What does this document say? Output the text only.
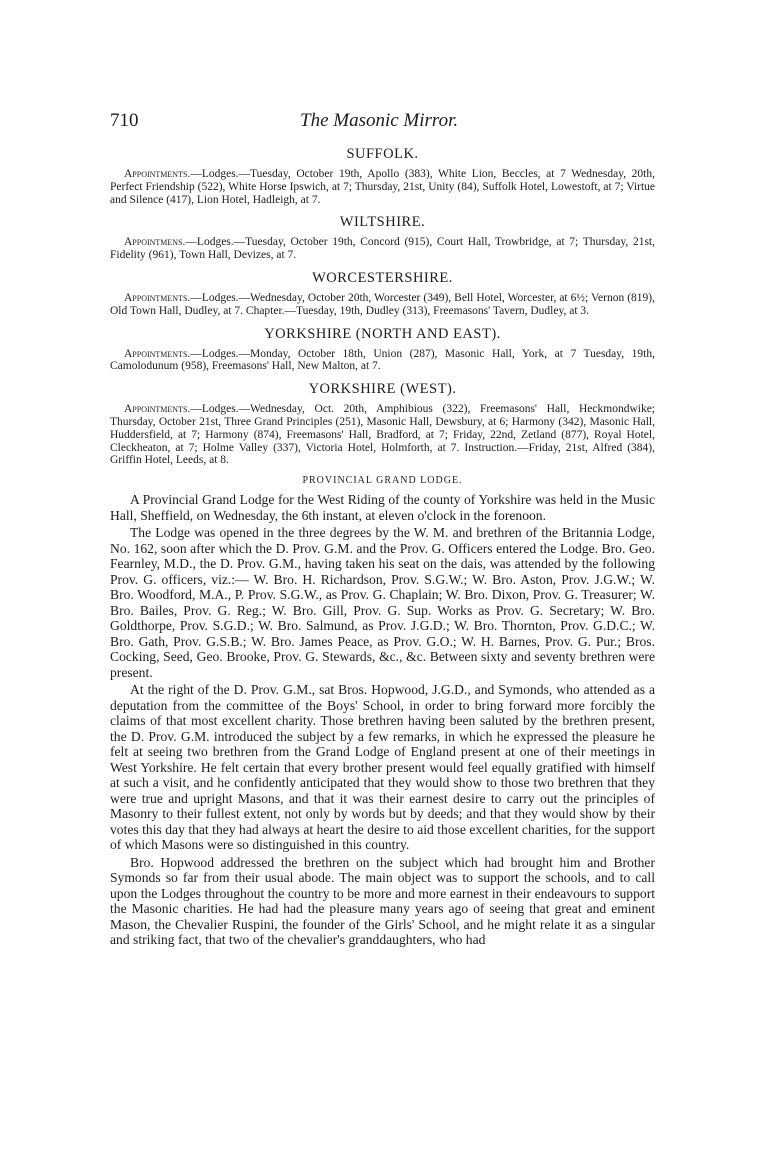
710	The Masonic Mirror.
SUFFOLK.

Appointments.—Lodges.—Tuesday, October 19th, Apollo (383), White Lion, Beccles, at 7 Wednesday, 20th, Perfect Friendship (522), White Horse Ipswich, at 7; Thursday, 21st, Unity (84), Suffolk Hotel, Lowestoft, at 7; Virtue and Silence (417), Lion Hotel, Hadleigh, at 7.

WILTSHIRE.

Appointmens.—Lodges.—Tuesday, October 19th, Concord (915), Court Hall, Trowbridge, at 7; Thursday, 21st, Fidelity (961), Town Hall, Devizes, at 7.

WORCESTERSHIRE.

Appointments.—Lodges.—Wednesday, October 20th, Worcester (349), Bell Hotel, Worcester, at 6½; Vernon (819), Old Town Hall, Dudley, at 7. Chapter.—Tuesday, 19th, Dudley (313), Freemasons' Tavern, Dudley, at 3.

YORKSHIRE (NORTH AND EAST).

Appointments.—Lodges.—Monday, October 18th, Union (287), Masonic Hall, York, at 7 Tuesday, 19th, Camolodunum (958), Freemasons' Hall, New Malton, at 7.

YORKSHIRE (WEST).

Appointments.—Lodges.—Wednesday, Oct. 20th, Amphibious (322), Freemasons' Hall, Heckmondwike; Thursday, October 21st, Three Grand Principles (251), Masonic Hall, Dewsbury, at 6; Harmony (342), Masonic Hall, Huddersfield, at 7; Harmony (874), Freemasons' Hall, Bradford, at 7; Friday, 22nd, Zetland (877), Royal Hotel, Cleckheaton, at 7; Holme Valley (337), Victoria Hotel, Holmforth, at 7. Instruction.—Friday, 21st, Alfred (384), Griffin Hotel, Leeds, at 8.

PROVINCIAL GRAND LODGE.

A Provincial Grand Lodge for the West Riding of the county of Yorkshire was held in the Music Hall, Sheffield, on Wednesday, the 6th instant, at eleven o'clock in the forenoon.

The Lodge was opened in the three degrees by the W. M. and brethren of the Britannia Lodge, No. 162, soon after which the D. Prov. G.M. and the Prov. G. Officers entered the Lodge. Bro. Geo. Fearnley, M.D., the D. Prov. G.M., having taken his seat on the dais, was attended by the following Prov. G. officers, viz.:— W. Bro. H. Richardson, Prov. S.G.W.; W. Bro. Aston, Prov. J.G.W.; W. Bro. Woodford, M.A., P. Prov. S.G.W., as Prov. G. Chaplain; W. Bro. Dixon, Prov. G. Treasurer; W. Bro. Bailes, Prov. G. Reg.; W. Bro. Gill, Prov. G. Sup. Works as Prov. G. Secretary; W. Bro. Goldthorpe, Prov. S.G.D.; W. Bro. Salmund, as Prov. J.G.D.; W. Bro. Thornton, Prov. G.D.C.; W. Bro. Gath, Prov. G.S.B.; W. Bro. James Peace, as Prov. G.O.; W. H. Barnes, Prov. G. Pur.; Bros. Cocking, Seed, Geo. Brooke, Prov. G. Stewards, &c., &c. Between sixty and seventy brethren were present.

At the right of the D. Prov. G.M., sat Bros. Hopwood, J.G.D., and Symonds, who attended as a deputation from the committee of the Boys' School, in order to bring forward more forcibly the claims of that most excellent charity. Those brethren having been saluted by the brethren present, the D. Prov. G.M. introduced the subject by a few remarks, in which he expressed the pleasure he felt at seeing two brethren from the Grand Lodge of England present at one of their meetings in West Yorkshire. He felt certain that every brother present would feel equally gratified with himself at such a visit, and he confidently anticipated that they would show to those two brethren that they were true and upright Masons, and that it was their earnest desire to carry out the principles of Masonry to their fullest extent, not only by words but by deeds; and that they would show by their votes this day that they had always at heart the desire to aid those excellent charities, for the support of which Masons were so distinguished in this country.

Bro. Hopwood addressed the brethren on the subject which had brought him and Brother Symonds so far from their usual abode. The main object was to support the schools, and to call upon the Lodges throughout the country to be more and more earnest in their endeavours to support the Masonic charities. He had had the pleasure many years ago of seeing that great and eminent Mason, the Chevalier Ruspini, the founder of the Girls' School, and he might relate it as a singular and striking fact, that two of the chevalier's granddaughters, who had
